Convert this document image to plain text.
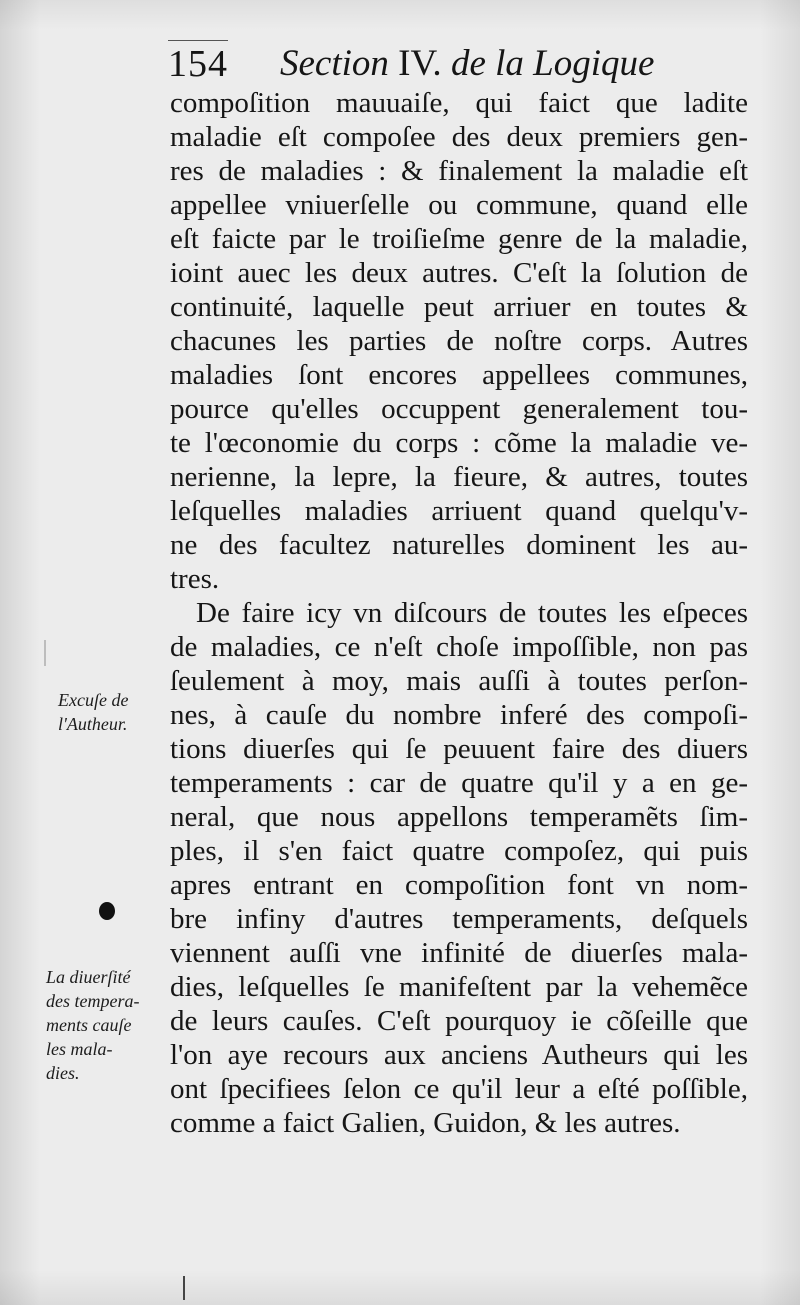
154 Section IV. de la Logique
compoſition mauuaiſe, qui faict que ladite
maladie eſt compoſee des deux premiers gen-
res de maladies : & finalement la maladie eſt
appellee vniuerſelle ou commune, quand elle
eſt faicte par le troiſieſme genre de la maladie,
ioint auec les deux autres. C'eſt la ſolution de
continuité, laquelle peut arriuer en toutes &
chacunes les parties de noſtre corps. Autres
maladies ſont encores appellees communes,
pource qu'elles occuppent generalement tou-
te l'œconomie du corps : cõme la maladie ve-
nerienne, la lepre, la fieure, & autres, toutes
leſquelles maladies arriuent quand quelqu'v-
ne des facultez naturelles dominent les au-
tres.
De faire icy vn diſcours de toutes les eſpeces
de maladies, ce n'eſt choſe impoſſible, non pas
ſeulement à moy, mais auſſi à toutes perſon-
nes, à cauſe du nombre inferé des compoſi-
tions diuerſes qui ſe peuuent faire des diuers
temperaments : car de quatre qu'il y a en ge-
neral, que nous appellons temperamẽts ſim-
ples, il s'en faict quatre compoſez, qui puis
apres entrant en compoſition font vn nom-
bre infiny d'autres temperaments, deſquels
viennent auſſi vne infinité de diuerſes mala-
dies, leſquelles ſe manifeſtent par la vehemẽce
de leurs cauſes. C'eſt pourquoy ie cõſeille que
l'on aye recours aux anciens Autheurs qui les
ont ſpecifiees ſelon ce qu'il leur a eſté poſſible,
comme a faict Galien, Guidon, & les autres.
Excuſe de
l'Autheur.
La diuerſité
des tempera-
ments cauſe
les mala-
dies.
